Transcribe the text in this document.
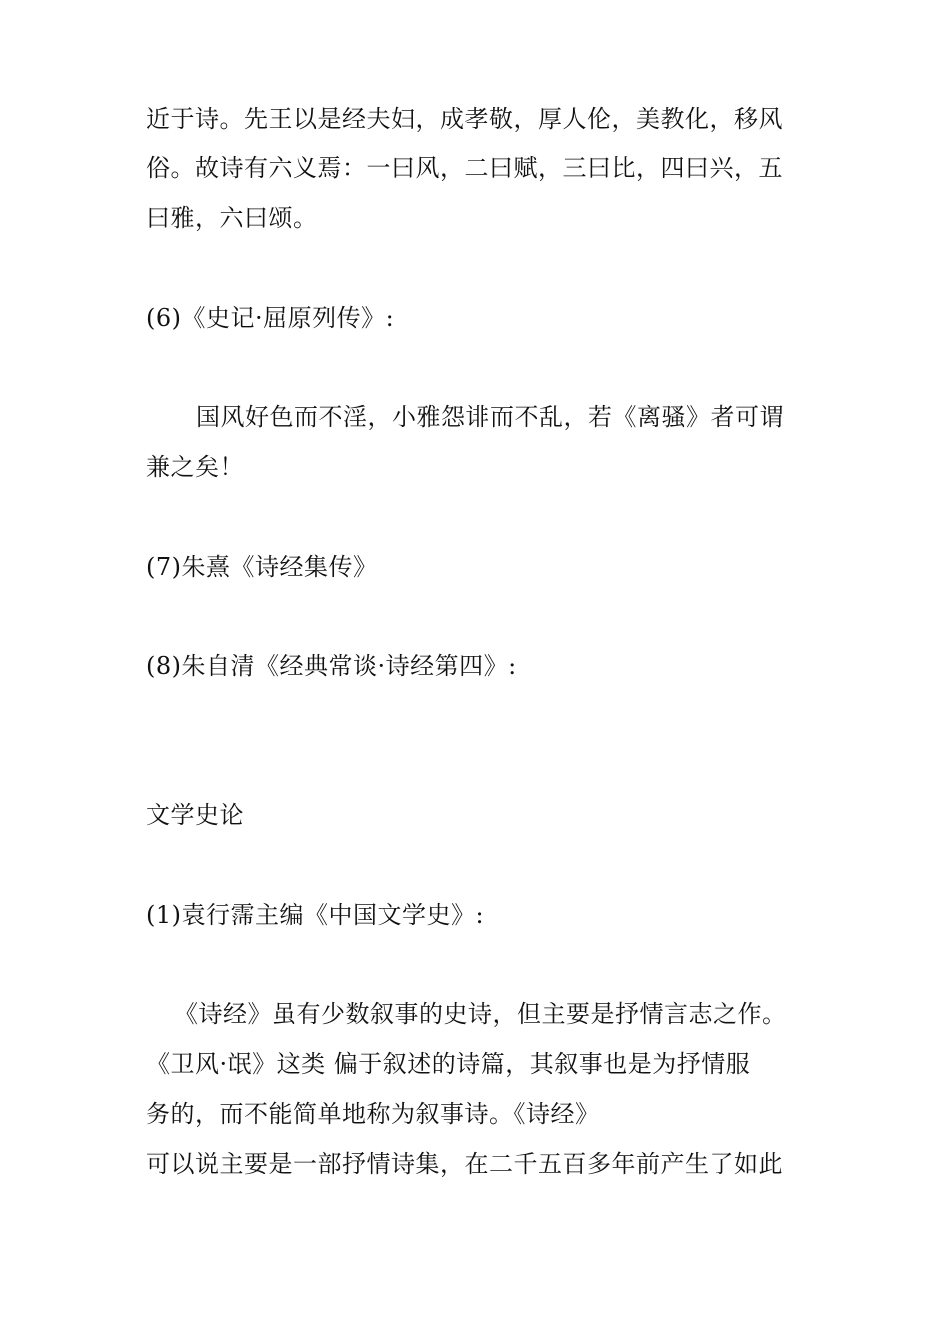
近于诗。先王以是经夫妇，成孝敬，厚人伦，美教化，移风
俗。故诗有六义焉：一曰风，二曰赋，三曰比，四曰兴，五
曰雅，六曰颂。
(6)《史记·屈原列传》:
国风好色而不淫，小雅怨诽而不乱，若《离骚》者可谓
兼之矣！
(7)朱熹《诗经集传》
(8)朱自清《经典常谈·诗经第四》:
文学史论
(1)袁行霈主编《中国文学史》:
《诗经》虽有少数叙事的史诗，但主要是抒情言志之作。
《卫风·氓》这类 偏于叙述的诗篇，其叙事也是为抒情服
务的，而不能简单地称为叙事诗。《诗经》
可以说主要是一部抒情诗集，在二千五百多年前产生了如此
